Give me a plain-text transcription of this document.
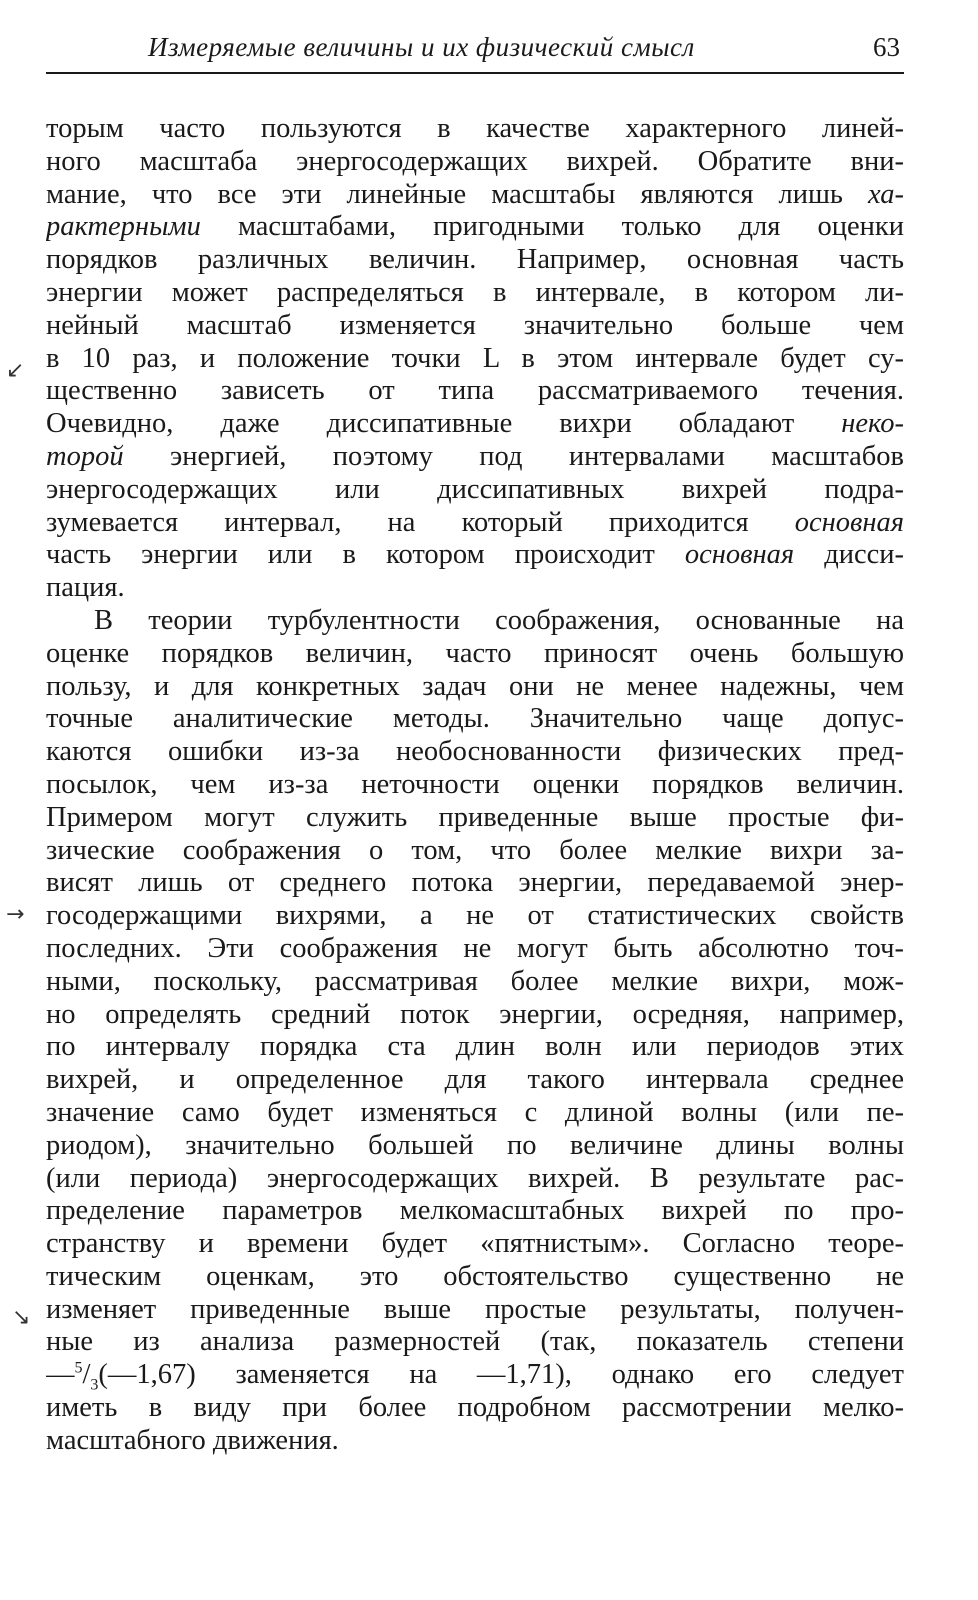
Измеряемые величины и их физический смысл	63
↙
→
↘
торым часто пользуются в качестве характерного линей-
ного масштаба энергосодержащих вихрей. Обратите вни-
мание, что все эти линейные масштабы являются лишь ха-
рактерными масштабами, пригодными только для оценки
порядков различных величин. Например, основная часть
энергии может распределяться в интервале, в котором ли-
нейный масштаб изменяется значительно больше чем
в 10 раз, и положение точки L в этом интервале будет су-
щественно зависеть от типа рассматриваемого течения.
Очевидно, даже диссипативные вихри обладают неко-
торой энергией, поэтому под интервалами масштабов
энергосодержащих или диссипативных вихрей подра-
зумевается интервал, на который приходится основная
часть энергии или в котором происходит основная дисси-
пация.
В теории турбулентности соображения, основанные на
оценке порядков величин, часто приносят очень большую
пользу, и для конкретных задач они не менее надежны, чем
точные аналитические методы. Значительно чаще допус-
каются ошибки из-за необоснованности физических пред-
посылок, чем из-за неточности оценки порядков величин.
Примером могут служить приведенные выше простые фи-
зические соображения о том, что более мелкие вихри за-
висят лишь от среднего потока энергии, передаваемой энер-
госодержащими вихрями, а не от статистических свойств
последних. Эти соображения не могут быть абсолютно точ-
ными, поскольку, рассматривая более мелкие вихри, мож-
но определять средний поток энергии, осредняя, например,
по интервалу порядка ста длин волн или периодов этих
вихрей, и определенное для такого интервала среднее
значение само будет изменяться с длиной волны (или пе-
риодом), значительно большей по величине длины волны
(или периода) энергосодержащих вихрей. В результате рас-
пределение параметров мелкомасштабных вихрей по про-
странству и времени будет «пятнистым». Согласно теоре-
тическим оценкам, это обстоятельство существенно не
изменяет приведенные выше простые результаты, получен-
ные из анализа размерностей (так, показатель степени
$—^5/_3(—1,67)$ заменяется на —1,71), однако его следует
иметь в виду при более подробном рассмотрении мелко-
масштабного движения.
